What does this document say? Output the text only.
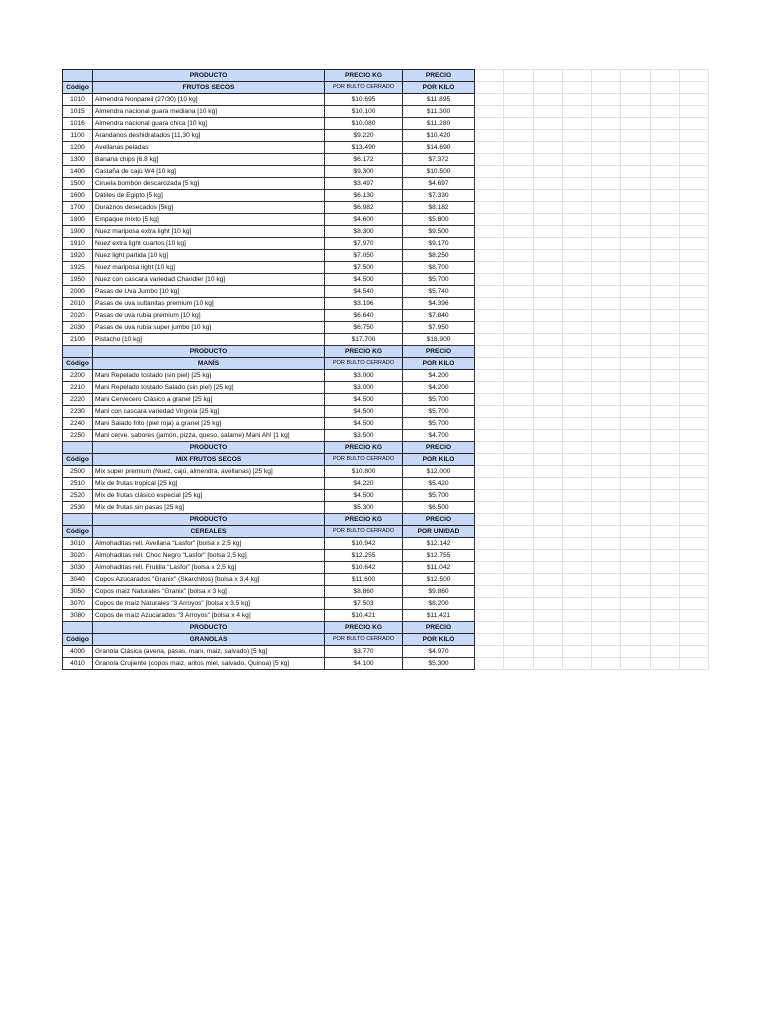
	PRODUCTO	PRECIO KG	PRECIO								
Código	FRUTOS SECOS	POR BULTO CERRADO	POR KILO								
1010	Almendra Nonpareil (27/30) [10 kg]	$10.695	$11.895								
1015	Almendra nacional guara mediana [10 kg]	$10.100	$11.300								
1016	Almendra nacional guara chica [10 kg]	$10.080	$11.280								
1100	Arandanos deshidratados [11,30 kg]	$9.220	$10.420								
1200	Avellanas peladas	$13.490	$14.690								
1300	Banana chips [6.8 kg]	$6.172	$7.372								
1400	Castaña de cajú W4 [10 kg]	$9.300	$10.500								
1500	Ciruela bombón descarozada [5 kg]	$3.497	$4.697								
1600	Dátiles de Egipto [5 kg]	$6.130	$7.330								
1700	Duraznos desecados [5kg]	$6.982	$8.182								
1800	Empaque mixto [5 kg]	$4.600	$5.800								
1900	Nuez mariposa extra light [10 kg]	$8.300	$9.500								
1910	Nuez extra light cuartos [10 kg]	$7.970	$9.170								
1920	Nuez light partida [10 kg]	$7.050	$8.250								
1925	Nuez mariposa light [10 kg]	$7.500	$8.700								
1950	Nuez con cascara variedad Chandler [10 kg]	$4.500	$5.700								
2000	Pasas de Uva Jumbo [10 kg]	$4.540	$5.740								
2010	Pasas de uva sultanitas premium [10 kg]	$3.196	$4.396								
2020	Pasas de uva rubia premium [10 kg]	$6.640	$7.840								
2030	Pasas de uva rubia super jumbo [10 kg]	$6.750	$7.950								
2100	Pistacho [10 kg]	$17.700	$18.900								
	PRODUCTO	PRECIO KG	PRECIO								
Código	MANÍS	POR BULTO CERRADO	POR KILO								
2200	Mani Repelado tostado (sin piel) [25 kg]	$3.000	$4.200								
2210	Mani Repelado tostado Salado (sin piel) [25 kg]	$3.000	$4.200								
2220	Mani Cervecero Clásico a granel [25 kg]	$4.500	$5.700								
2230	Mani con cascara variedad Virginia [25 kg]	$4.500	$5.700								
2240	Mani Salado frito (piel roja) a granel [25 kg]	$4.500	$5.700								
2250	Mani cerve. sabores (jamón, pizza, queso, salame) Mani Ah! [1 kg]	$3.500	$4.700								
	PRODUCTO	PRECIO KG	PRECIO								
Código	MIX FRUTOS SECOS	POR BULTO CERRADO	POR KILO								
2500	Mix super premium (Nuez, cajú, almendra, avellanas) [25 kg]	$10.800	$12.000								
2510	Mix de frutas tropical [25 kg]	$4.220	$5.420								
2520	Mix de frutas clásico especial [25 kg]	$4.500	$5.700								
2530	Mix de frutas sin pasas [25 kg]	$5.300	$6.500								
	PRODUCTO	PRECIO KG	PRECIO								
Código	CEREALES	POR BULTO CERRADO	POR UNIDAD								
3010	Almohaditas rell. Avellana "Lasfor" [bolsa x 2,5 kg]	$10.942	$12.142								
3020	Almohaditas rell. Choc Negro "Lasfor" [bolsa 2,5 kg]	$12.255	$12.755								
3030	Almohaditas rell. Frutilla "Lasfor" [bolsa x 2,5 kg]	$10.642	$11.042								
3040	Copos Azucarados "Granix" (Skarchitos) [bolsa x 3,4 kg]	$11.600	$12.500								
3050	Copos maíz Naturales "Granix" [bolsa x 3 kg]	$8.860	$9.860								
3070	Copos de maíz Naturales "3 Arroyos" [bolsa x 3,5 kg]	$7.503	$8.200								
3080	Copos de maíz Azucarados "3 Arroyos" [bolsa x 4 kg]	$10.421	$11.421								
	PRODUCTO	PRECIO KG	PRECIO								
Código	GRANOLAS	POR BULTO CERRADO	POR KILO								
4000	Granola Clásica (avena, pasas, mani, maiz, salvado) [5 kg]	$3.770	$4.970								
4010	Granola Crujiente (copos maiz, aritos miel, salvado, Quinoa) [5 kg]	$4.100	$5.300								
